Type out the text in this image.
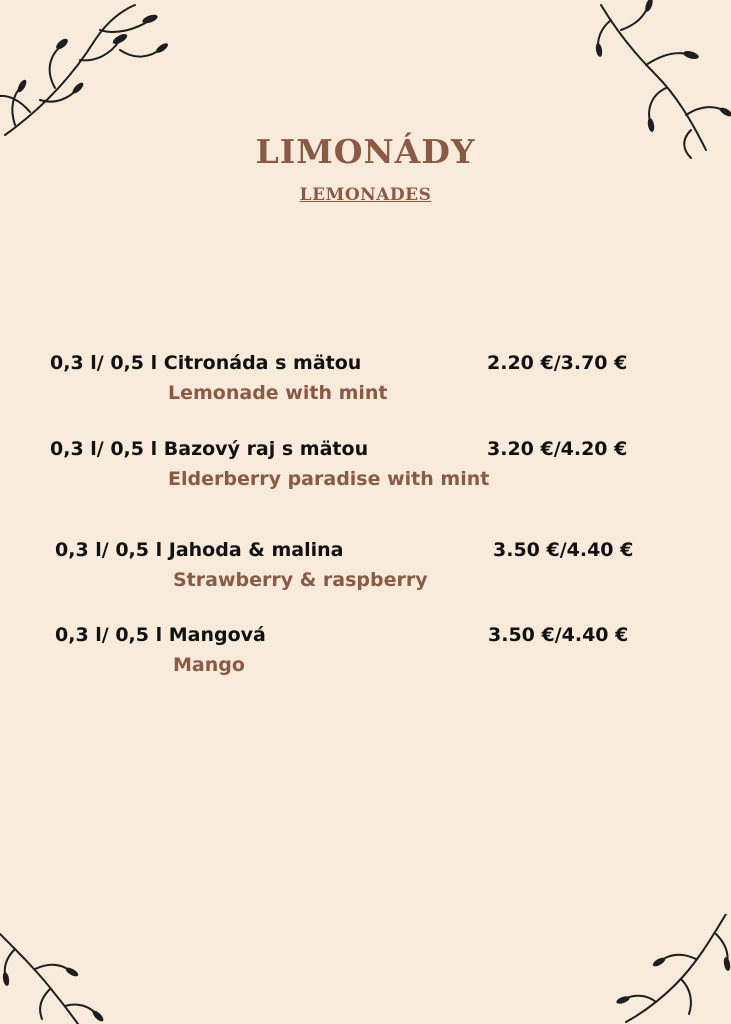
LIMONÁDY
LEMONADES
0,3 l/ 0,5 l Citronáda s mätou
Lemonade with mint
2.20 €/3.70 €
0,3 l/ 0,5 l Bazový raj s mätou
Elderberry paradise with mint
3.20 €/4.20 €
0,3 l/ 0,5 l Jahoda & malina
Strawberry & raspberry
3.50 €/4.40 €
0,3 l/ 0,5 l Mangová
Mango
3.50 €/4.40 €
